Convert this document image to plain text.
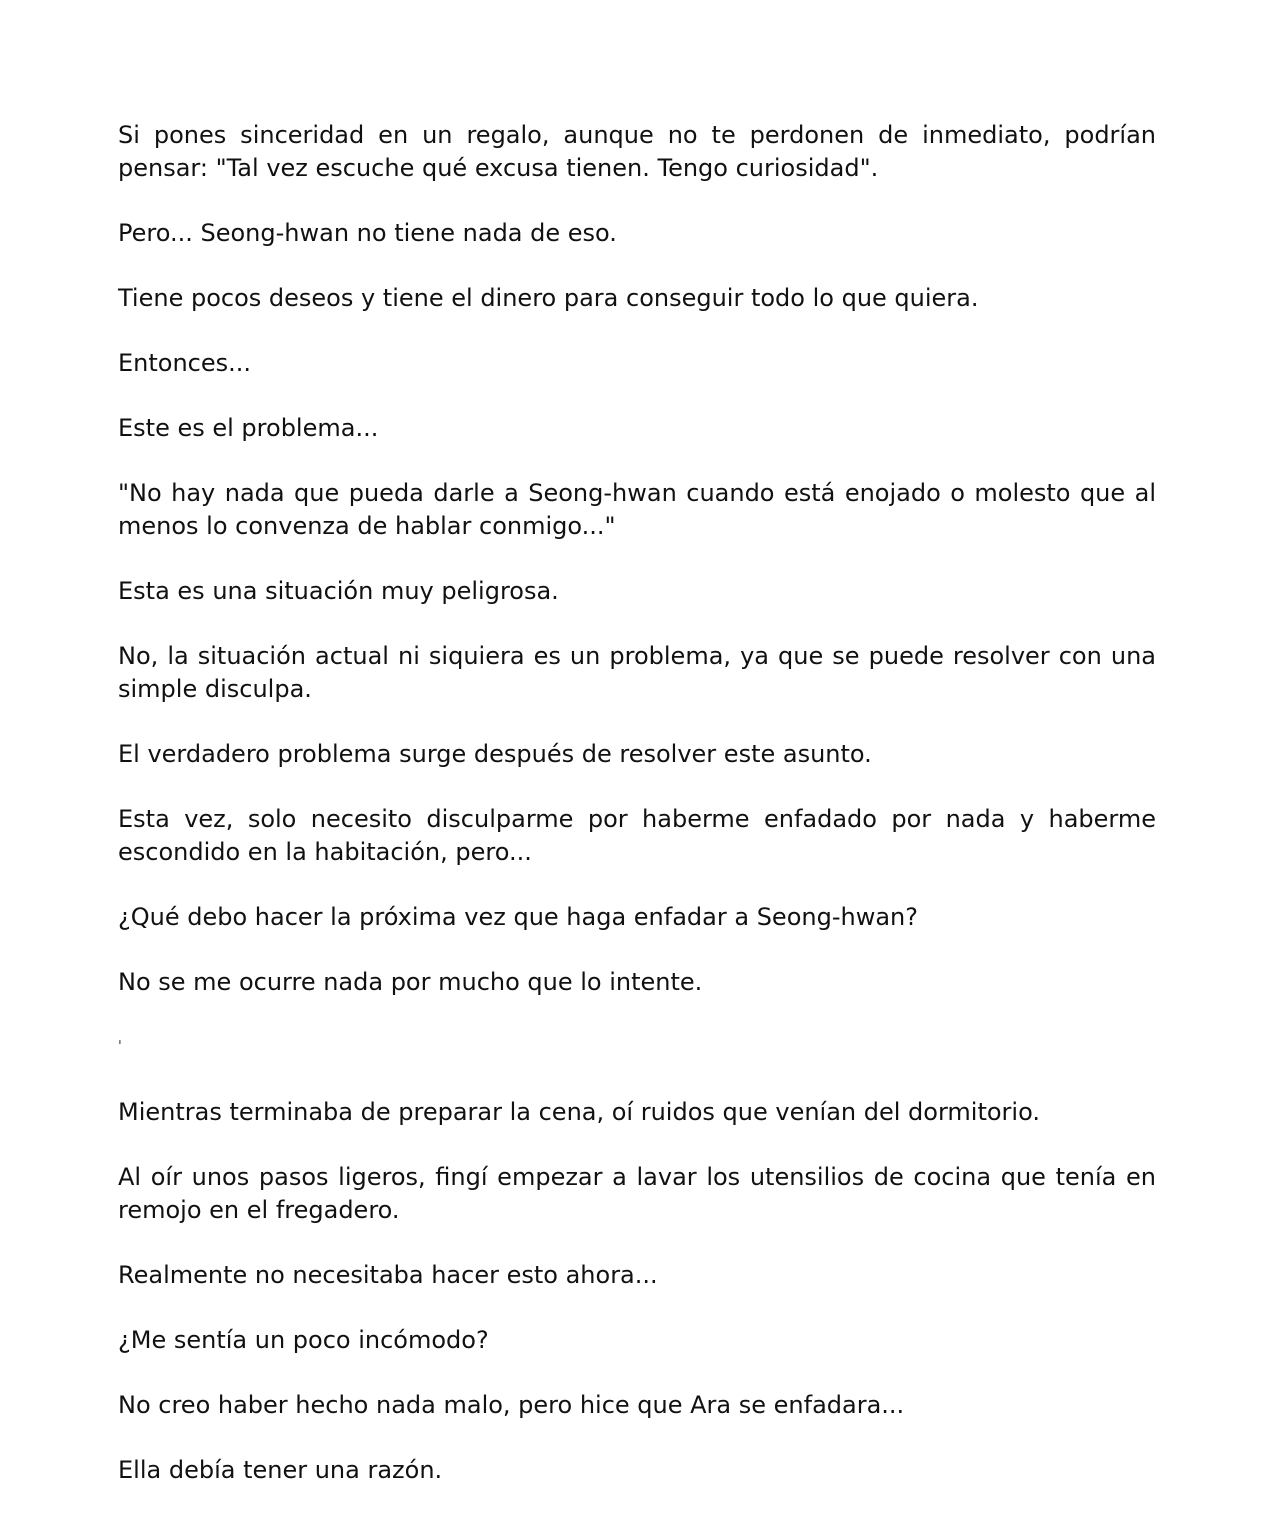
Si pones sinceridad en un regalo, aunque no te perdonen de inmediato, podrían pensar: "Tal vez escuche qué excusa tienen. Tengo curiosidad".

Pero... Seong-hwan no tiene nada de eso.

Tiene pocos deseos y tiene el dinero para conseguir todo lo que quiera.

Entonces...

Este es el problema...

"No hay nada que pueda darle a Seong-hwan cuando está enojado o molesto que al menos lo convenza de hablar conmigo..."

Esta es una situación muy peligrosa.

No, la situación actual ni siquiera es un problema, ya que se puede resolver con una simple disculpa.

El verdadero problema surge después de resolver este asunto.

Esta vez, solo necesito disculparme por haberme enfadado por nada y haberme escondido en la habitación, pero...

¿Qué debo hacer la próxima vez que haga enfadar a Seong-hwan?

No se me ocurre nada por mucho que lo intente.

ˈ

Mientras terminaba de preparar la cena, oí ruidos que venían del dormitorio.

Al oír unos pasos ligeros, fingí empezar a lavar los utensilios de cocina que tenía en remojo en el fregadero.

Realmente no necesitaba hacer esto ahora...

¿Me sentía un poco incómodo?

No creo haber hecho nada malo, pero hice que Ara se enfadara...

Ella debía tener una razón.
